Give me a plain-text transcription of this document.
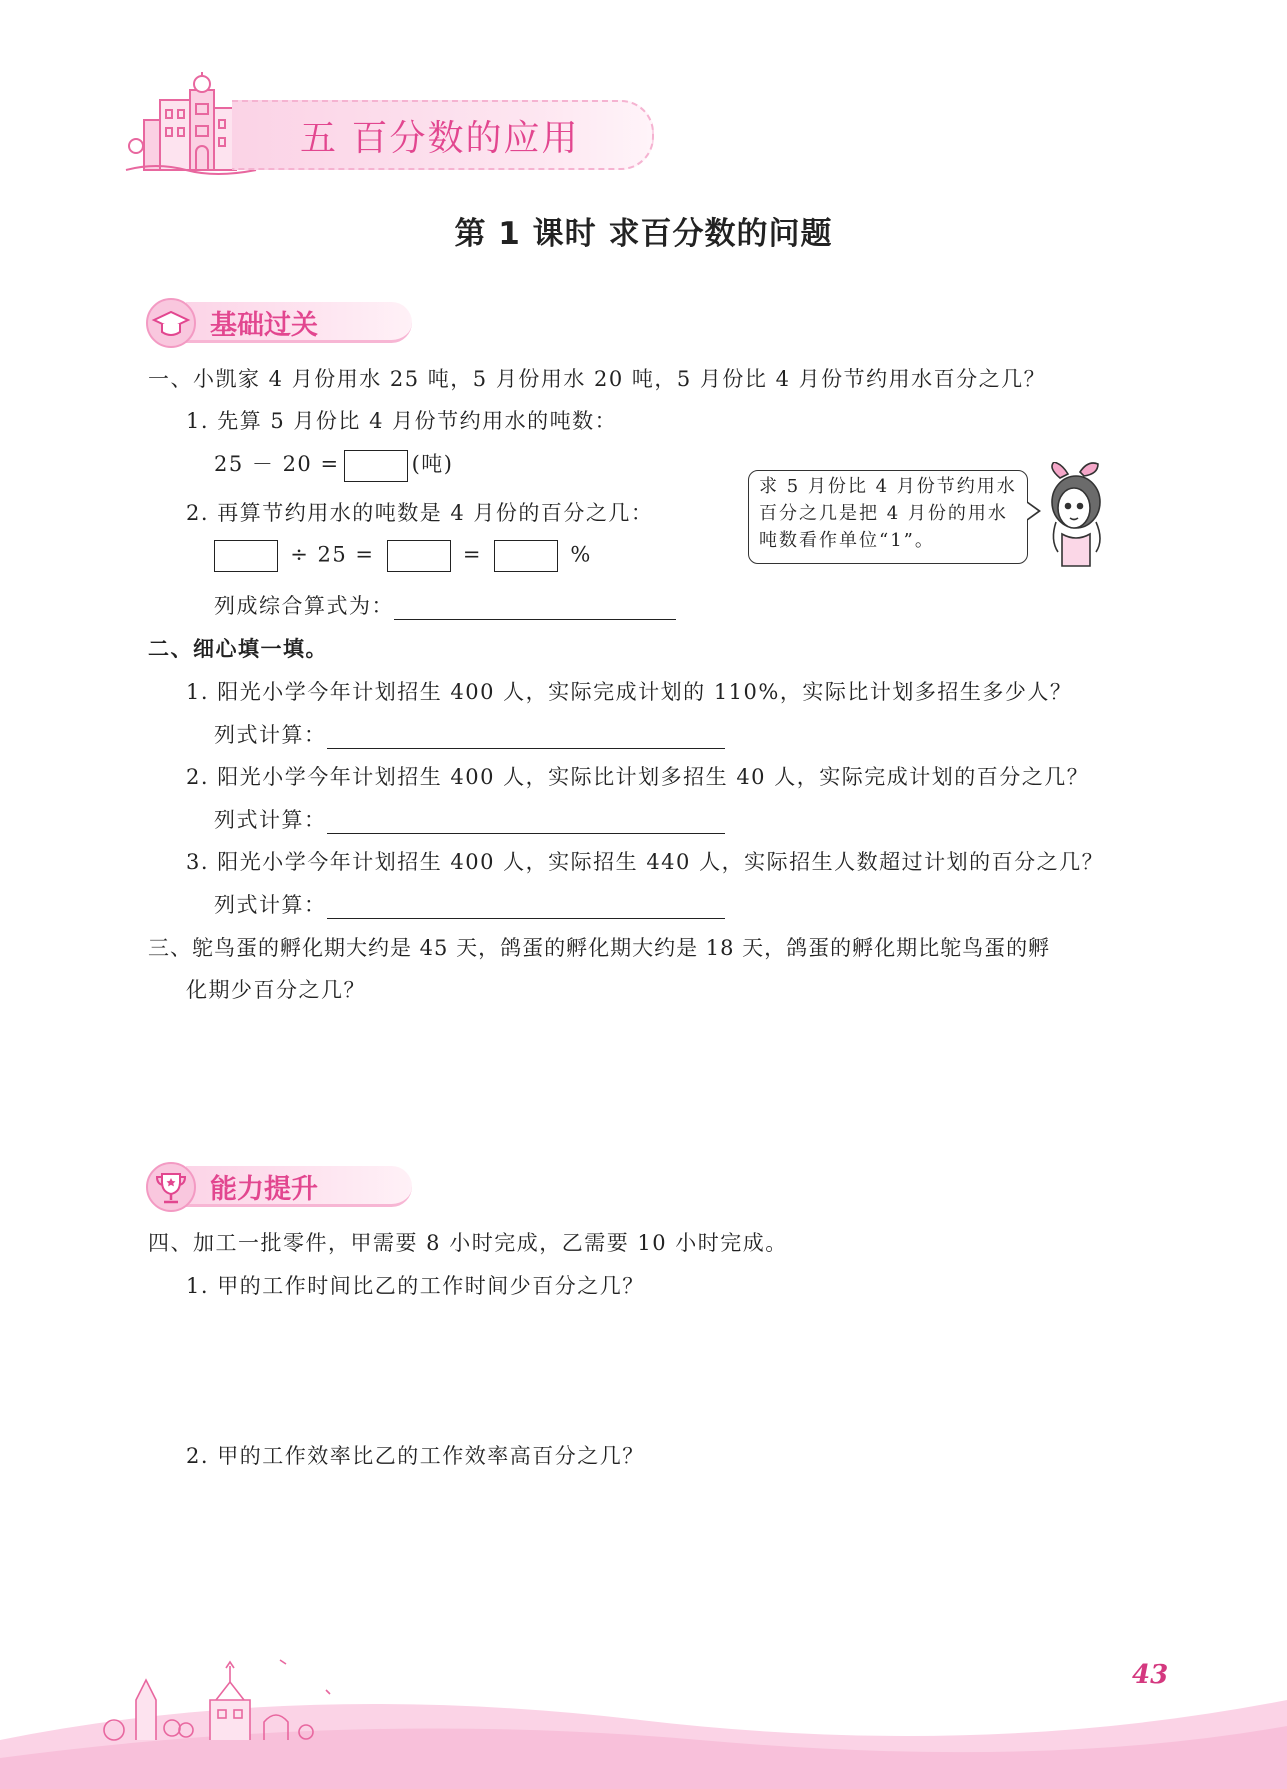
五 百分数的应用
第 1 课时 求百分数的问题
基础过关
一、小凯家 4 月份用水 25 吨，5 月份用水 20 吨，5 月份比 4 月份节约用水百分之几？
1. 先算 5 月份比 4 月份节约用水的吨数：
25 － 20 =	(吨)
2. 再算节约用水的吨数是 4 月份的百分之几：
÷ 25 =	=	%
列成综合算式为：
求 5 月份比 4 月份节约用水百分之几是把 4 月份的用水吨数看作单位“1”。
二、细心填一填。
1. 阳光小学今年计划招生 400 人，实际完成计划的 110%，实际比计划多招生多少人？
列式计算：
2. 阳光小学今年计划招生 400 人，实际比计划多招生 40 人，实际完成计划的百分之几？
列式计算：
3. 阳光小学今年计划招生 400 人，实际招生 440 人，实际招生人数超过计划的百分之几？
列式计算：
三、鸵鸟蛋的孵化期大约是 45 天，鸽蛋的孵化期大约是 18 天，鸽蛋的孵化期比鸵鸟蛋的孵
化期少百分之几？
能力提升
四、加工一批零件，甲需要 8 小时完成，乙需要 10 小时完成。
1. 甲的工作时间比乙的工作时间少百分之几？
2. 甲的工作效率比乙的工作效率高百分之几？
43
